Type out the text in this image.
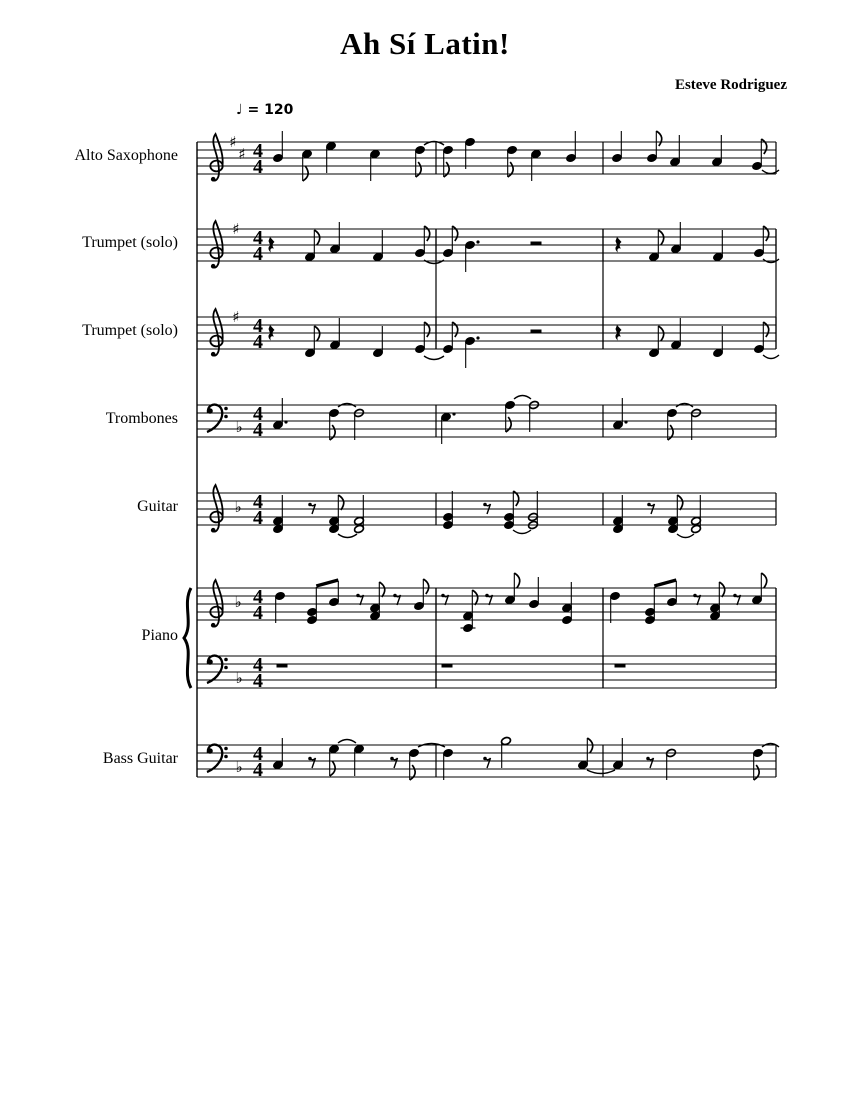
Ah Sí Latin!
Esteve Rodriguez
♩ = 120
Alto Saxophone
Trumpet (solo)
Trumpet (solo)
Trombones
Guitar
Piano
Bass Guitar
♯
♯ 4
4
♯ 4
4
♯ 4
4
♭
4
4
♭ 4
4
♭ 4
4
♭
4
4
♭
4
4
